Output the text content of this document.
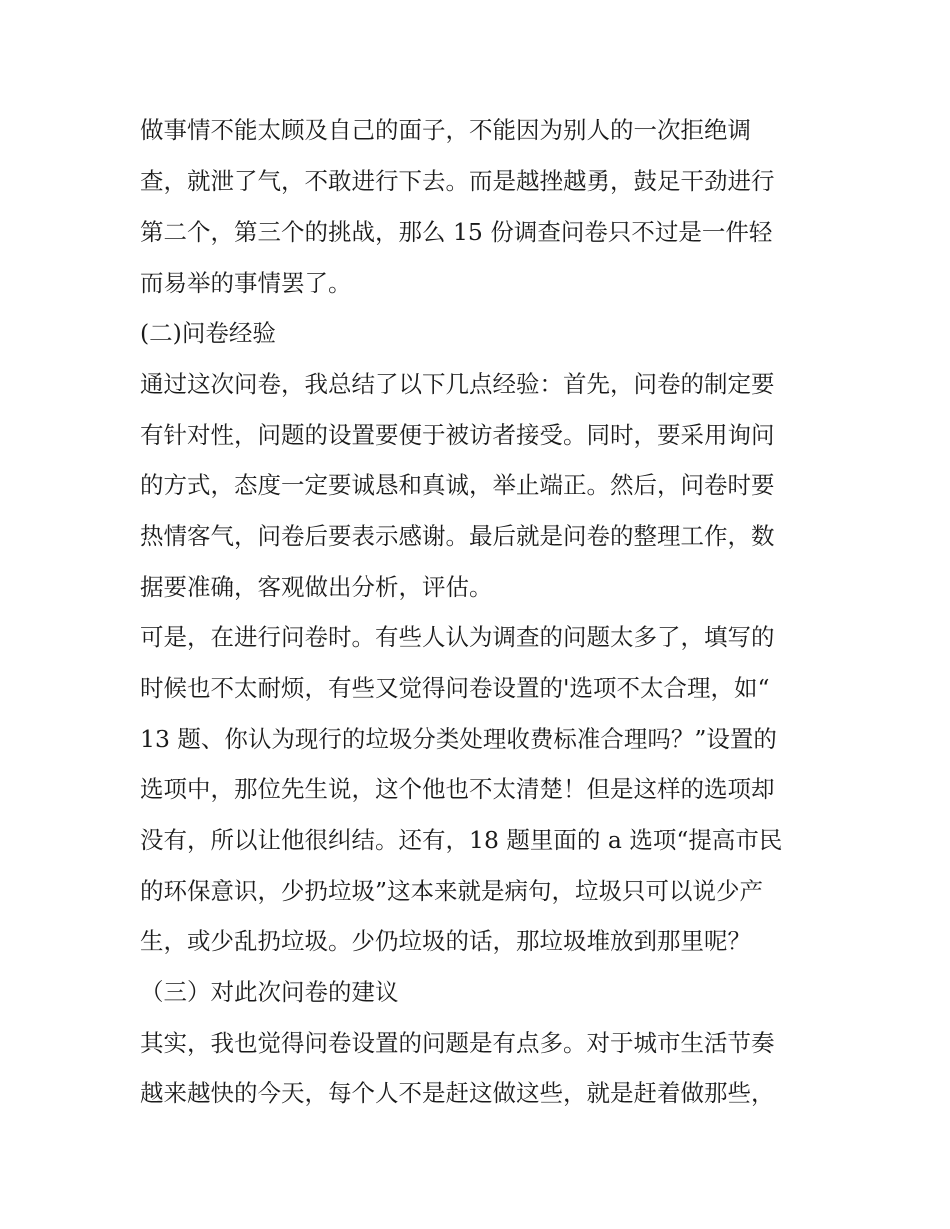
做事情不能太顾及自己的面子，不能因为别人的一次拒绝调
查，就泄了气，不敢进行下去。而是越挫越勇，鼓足干劲进行
第二个，第三个的挑战，那么 15 份调查问卷只不过是一件轻
而易举的事情罢了。
(二)问卷经验
通过这次问卷，我总结了以下几点经验：首先，问卷的制定要
有针对性，问题的设置要便于被访者接受。同时，要采用询问
的方式，态度一定要诚恳和真诚，举止端正。然后，问卷时要
热情客气，问卷后要表示感谢。最后就是问卷的整理工作，数
据要准确，客观做出分析，评估。
可是，在进行问卷时。有些人认为调查的问题太多了，填写的
时候也不太耐烦，有些又觉得问卷设置的'选项不太合理，如“
13 题、你认为现行的垃圾分类处理收费标准合理吗？”设置的
选项中，那位先生说，这个他也不太清楚！但是这样的选项却
没有，所以让他很纠结。还有，18 题里面的 a 选项“提高市民
的环保意识，少扔垃圾”这本来就是病句，垃圾只可以说少产
生，或少乱扔垃圾。少仍垃圾的话，那垃圾堆放到那里呢？
（三）对此次问卷的建议
其实，我也觉得问卷设置的问题是有点多。对于城市生活节奏
越来越快的今天，每个人不是赶这做这些，就是赶着做那些，
